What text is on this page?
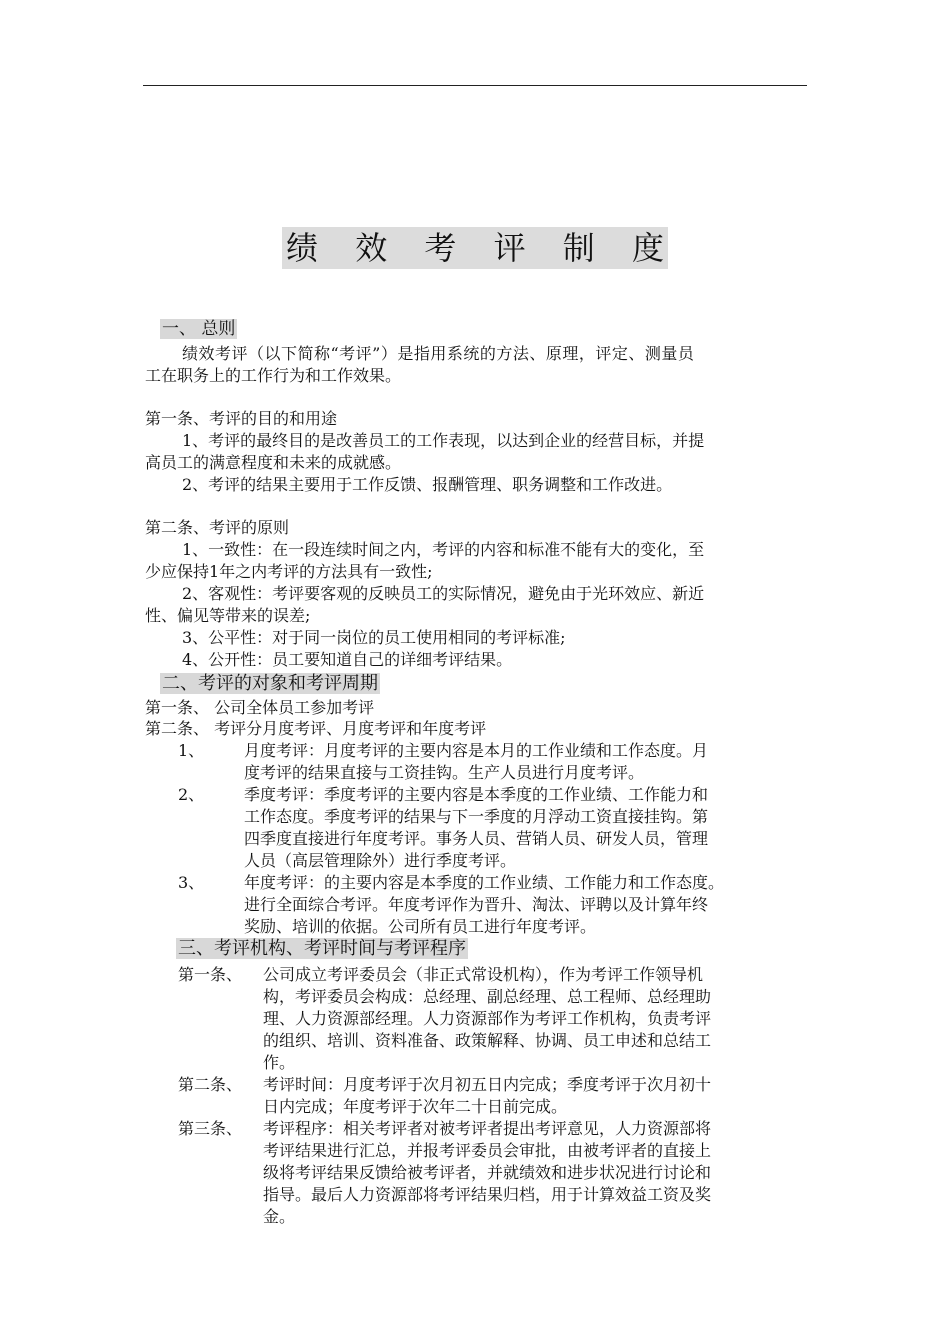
绩 效 考 评 制 度
一、 总则
绩效考评（以下简称“考评”）是指用系统的方法、原理，评定、测量员
工在职务上的工作行为和工作效果。
第一条、考评的目的和用途
1、考评的最终目的是改善员工的工作表现，以达到企业的经营目标，并提
高员工的满意程度和未来的成就感。
2、考评的结果主要用于工作反馈、报酬管理、职务调整和工作改进。
第二条、考评的原则
1、一致性：在一段连续时间之内，考评的内容和标准不能有大的变化，至
少应保持1年之内考评的方法具有一致性;
2、客观性：考评要客观的反映员工的实际情况，避免由于光环效应、新近
性、偏见等带来的误差;
3、公平性：对于同一岗位的员工使用相同的考评标准;
4、公开性：员工要知道自己的详细考评结果。
二、考评的对象和考评周期
第一条、 公司全体员工参加考评
第二条、 考评分月度考评、月度考评和年度考评
1、 月度考评：月度考评的主要内容是本月的工作业绩和工作态度。月
度考评的结果直接与工资挂钩。生产人员进行月度考评。
2、 季度考评：季度考评的主要内容是本季度的工作业绩、工作能力和
工作态度。季度考评的结果与下一季度的月浮动工资直接挂钩。第
四季度直接进行年度考评。事务人员、营销人员、研发人员，管理
人员（高层管理除外）进行季度考评。
3、 年度考评：的主要内容是本季度的工作业绩、工作能力和工作态度。
进行全面综合考评。年度考评作为晋升、淘汰、评聘以及计算年终
奖励、培训的依据。公司所有员工进行年度考评。
三、考评机构、考评时间与考评程序
第一条、 公司成立考评委员会（非正式常设机构），作为考评工作领导机
构，考评委员会构成：总经理、副总经理、总工程师、总经理助
理、人力资源部经理。人力资源部作为考评工作机构，负责考评
的组织、培训、资料准备、政策解释、协调、员工申述和总结工
作。
第二条、 考评时间：月度考评于次月初五日内完成；季度考评于次月初十
日内完成；年度考评于次年二十日前完成。
第三条、 考评程序：相关考评者对被考评者提出考评意见，人力资源部将
考评结果进行汇总，并报考评委员会审批，由被考评者的直接上
级将考评结果反馈给被考评者，并就绩效和进步状况进行讨论和
指导。最后人力资源部将考评结果归档，用于计算效益工资及奖
金。
